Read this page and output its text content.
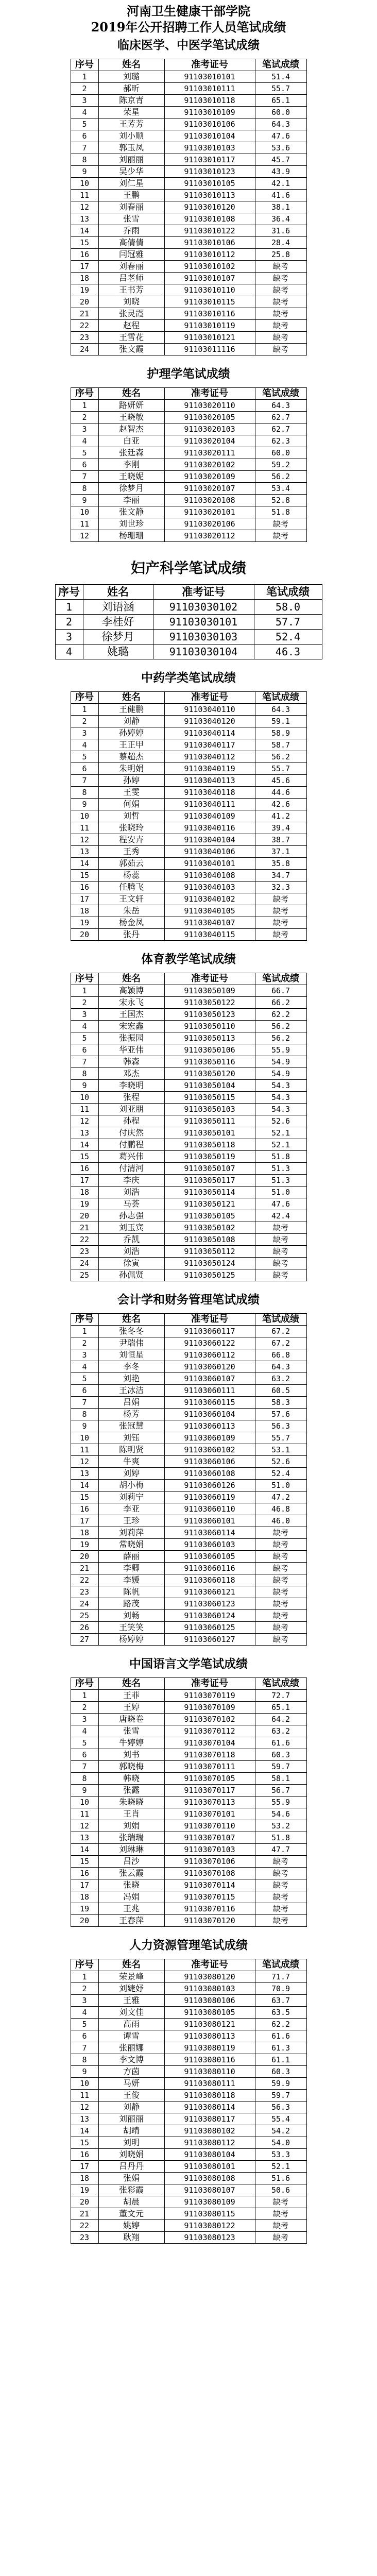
河南卫生健康干部学院
2019年公开招聘工作人员笔试成绩
临床医学、中医学笔试成绩
序号	姓名	准考证号	笔试成绩
1	刘璐	91103010101	51.4
2	郝昕	91103010111	55.7
3	陈京青	91103010118	65.1
4	荣星	91103010109	60.0
5	王芳芳	91103010106	64.3
6	刘小顺	91103010104	47.6
7	郭玉凤	91103010103	53.6
8	刘丽丽	91103010117	45.7
9	吴少华	91103010123	43.9
10	刘仁星	91103010105	42.1
11	王鹏	91103010113	41.6
12	刘春丽	91103010120	38.1
13	张雪	91103010108	36.4
14	乔雨	91103010122	31.6
15	高倩倩	91103010106	28.4
16	闫冠雅	91103010112	25.8
17	刘春丽	91103010102	缺考
18	吕老师	91103010107	缺考
19	王书芳	91103010110	缺考
20	刘晓	91103010115	缺考
21	张灵霞	91103010116	缺考
22	赵程	91103010119	缺考
23	王雪花	91103010121	缺考
24	张文霞	91103011116	缺考
护理学笔试成绩
序号	姓名	准考证号	笔试成绩
1	路妍妍	91103020110	64.3
2	王晓敏	91103020105	62.7
3	赵智杰	91103020103	62.7
4	白亚	91103020104	62.3
5	张廷森	91103020111	60.0
6	李刚	91103020102	59.2
7	王晓妮	91103020109	56.2
8	徐梦月	91103020107	53.4
9	李丽	91103020108	52.8
10	张文静	91103020101	51.8
11	刘世珍	91103020106	缺考
12	杨珊珊	91103020112	缺考
妇产科学笔试成绩
序号	姓名	准考证号	笔试成绩
1	刘语涵	91103030102	58.0
2	李桂好	91103030101	57.7
3	徐梦月	91103030103	52.4
4	姚璐	91103030104	46.3
中药学类笔试成绩
序号	姓名	准考证号	笔试成绩
1	王健鹏	91103040110	64.3
2	刘静	91103040120	59.1
3	孙婷婷	91103040114	58.9
4	王正甲	91103040117	58.7
5	蔡超杰	91103040112	56.2
6	朱明娟	91103040119	55.7
7	孙婷	91103040113	45.6
8	王雯	91103040118	44.6
9	何娟	91103040111	42.6
10	刘哲	91103040109	41.2
11	张晓玲	91103040116	39.4
12	程安卉	91103040104	38.7
13	王秀	91103040106	37.1
14	郭茹云	91103040101	35.8
15	杨蕊	91103040108	34.7
16	任腾飞	91103040103	32.3
17	王文轩	91103040102	缺考
18	朱岳	91103040105	缺考
19	杨金凤	91103040107	缺考
20	张丹	91103040115	缺考
体育教学笔试成绩
序号	姓名	准考证号	笔试成绩
1	高颖博	91103050109	66.7
2	宋永飞	91103050122	66.2
3	王国杰	91103050123	62.2
4	宋宏鑫	91103050110	56.2
5	张振园	91103050113	56.2
6	华亚伟	91103050106	55.9
7	韩森	91103050116	54.9
8	邓杰	91103050120	54.9
9	李晓明	91103050104	54.3
10	张程	91103050115	54.3
11	刘亚朋	91103050103	54.3
12	孙程	91103050111	52.6
13	付庆然	91103050101	52.1
14	付鹏程	91103050118	52.1
15	葛兴伟	91103050119	51.8
16	付清河	91103050107	51.3
17	李庆	91103050117	51.3
18	刘浩	91103050114	51.0
19	马荟	91103050121	47.6
20	孙志强	91103050105	42.4
21	刘玉宾	91103050102	缺考
22	乔凯	91103050108	缺考
23	刘浩	91103050112	缺考
24	徐寅	91103050124	缺考
25	孙佩贤	91103050125	缺考
会计学和财务管理笔试成绩
序号	姓名	准考证号	笔试成绩
1	张冬冬	91103060117	67.2
2	尹瑞伟	91103060122	67.2
3	刘恒星	91103060112	66.8
4	李冬	91103060120	64.3
5	刘艳	91103060107	63.2
6	王冰洁	91103060111	60.5
7	吕娟	91103060115	58.3
8	杨芳	91103060104	57.6
9	张冠慧	91103060113	56.3
10	刘钰	91103060109	55.7
11	陈明贤	91103060102	53.1
12	牛爽	91103060106	52.6
13	刘婷	91103060108	52.4
14	胡小梅	91103060126	51.0
15	刘莉宁	91103060119	47.2
16	李亚	91103060110	46.8
17	王珍	91103060101	46.0
18	刘莉萍	91103060114	缺考
19	常晓娟	91103060103	缺考
20	薛丽	91103060105	缺考
21	李卿	91103060116	缺考
22	李媛	91103060118	缺考
23	陈帆	91103060121	缺考
24	路茂	91103060123	缺考
25	刘畅	91103060124	缺考
26	王笑笑	91103060125	缺考
27	杨婷婷	91103060127	缺考
中国语言文学笔试成绩
序号	姓名	准考证号	笔试成绩
1	王菲	91103070119	72.7
2	王婷	91103070109	65.1
3	唐晓卷	91103070102	64.2
4	张雪	91103070112	63.2
5	牛婷婷	91103070104	61.6
6	刘书	91103070118	60.3
7	郭晓梅	91103070111	59.7
8	韩晓	91103070105	58.1
9	张露	91103070117	56.7
10	朱晓晓	91103070113	55.9
11	王肖	91103070101	54.6
12	刘娟	91103070110	53.2
13	张瑞瑞	91103070107	51.8
14	刘琳琳	91103070103	47.7
15	吕沙	91103070106	缺考
16	张云霞	91103070108	缺考
17	张晓	91103070114	缺考
18	冯娟	91103070115	缺考
19	王兆	91103070116	缺考
20	王春萍	91103070120	缺考
人力资源管理笔试成绩
序号	姓名	准考证号	笔试成绩
1	荣景峰	91103080120	71.7
2	刘婕妤	91103080103	70.9
3	王雅	91103080106	63.7
4	刘文佳	91103080105	63.5
5	高雨	91103080121	62.2
6	谭雪	91103080113	61.6
7	张丽娜	91103080119	61.3
8	李文博	91103080116	61.1
9	方茵	91103080110	60.3
10	马妍	91103080111	59.9
11	王俊	91103080118	59.7
12	刘静	91103080114	56.3
13	刘丽丽	91103080117	55.4
14	胡靖	91103080102	54.2
15	刘明	91103080112	54.0
16	刘晓娟	91103080104	53.3
17	吕丹丹	91103080101	52.1
18	张娟	91103080108	51.6
19	张彩霞	91103080107	50.6
20	胡晨	91103080109	缺考
21	董文元	91103080115	缺考
22	姚婷	91103080122	缺考
23	耿翔	91103080123	缺考
